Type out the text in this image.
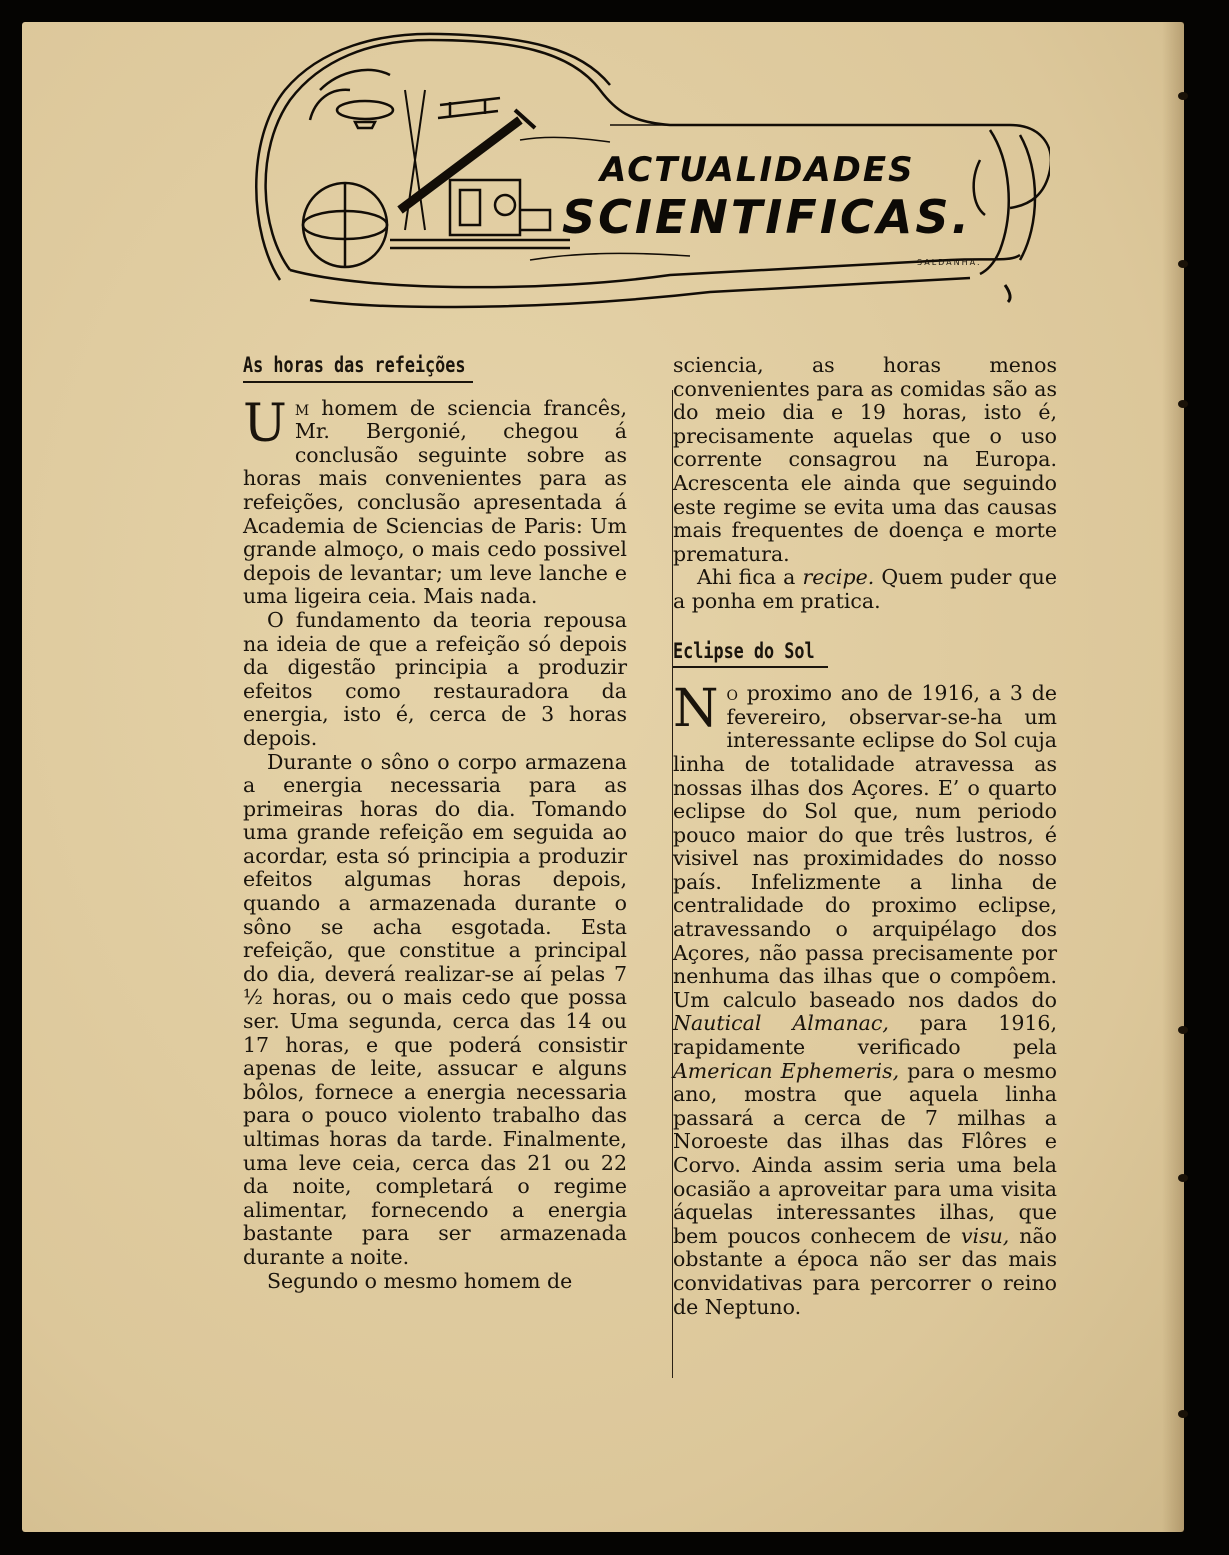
ACTUALIDADES
SCIENTIFICAS.
SALDANHA.
As horas das refeições

Um homem de sciencia francês, Mr. Bergonié, chegou á conclusão seguinte sobre as horas mais convenientes para as refeições, conclusão apresentada á Academia de Sciencias de Paris: Um grande almoço, o mais cedo possivel depois de levantar; um leve lanche e uma ligeira ceia. Mais nada.

O fundamento da teoria repousa na ideia de que a refeição só depois da digestão principia a produzir efeitos como restauradora da energia, isto é, cerca de 3 horas depois.

Durante o sôno o corpo armazena a energia necessaria para as primeiras horas do dia. Tomando uma grande refeição em seguida ao acordar, esta só principia a produzir efeitos algumas horas depois, quando a armazenada durante o sôno se acha esgotada. Esta refeição, que constitue a principal do dia, deverá realizar-se aí pelas 7 ½ horas, ou o mais cedo que possa ser. Uma segunda, cerca das 14 ou 17 horas, e que poderá consistir apenas de leite, assucar e alguns bôlos, fornece a energia necessaria para o pouco violento trabalho das ultimas horas da tarde. Finalmente, uma leve ceia, cerca das 21 ou 22 da noite, completará o regime alimentar, fornecendo a energia bastante para ser armazenada durante a noite.

Segundo o mesmo homem de

sciencia, as horas menos convenientes para as comidas são as do meio dia e 19 horas, isto é, precisamente aquelas que o uso corrente consagrou na Europa. Acrescenta ele ainda que seguindo este regime se evita uma das causas mais frequentes de doença e morte prematura.

Ahi fica a recipe. Quem puder que a ponha em pratica.

Eclipse do Sol

No proximo ano de 1916, a 3 de fevereiro, observar-se-ha um interessante eclipse do Sol cuja linha de totalidade atravessa as nossas ilhas dos Açores. E’ o quarto eclipse do Sol que, num periodo pouco maior do que três lustros, é visivel nas proximidades do nosso país. Infelizmente a linha de centralidade do proximo eclipse, atravessando o arquipélago dos Açores, não passa precisamente por nenhuma das ilhas que o compôem. Um calculo baseado nos dados do Nautical Almanac, para 1916, rapidamente verificado pela American Ephemeris, para o mesmo ano, mostra que aquela linha passará a cerca de 7 milhas a Noroeste das ilhas das Flôres e Corvo. Ainda assim seria uma bela ocasião a aproveitar para uma visita áquelas interessantes ilhas, que bem poucos conhecem de visu, não obstante a época não ser das mais convidativas para percorrer o reino de Neptuno.
